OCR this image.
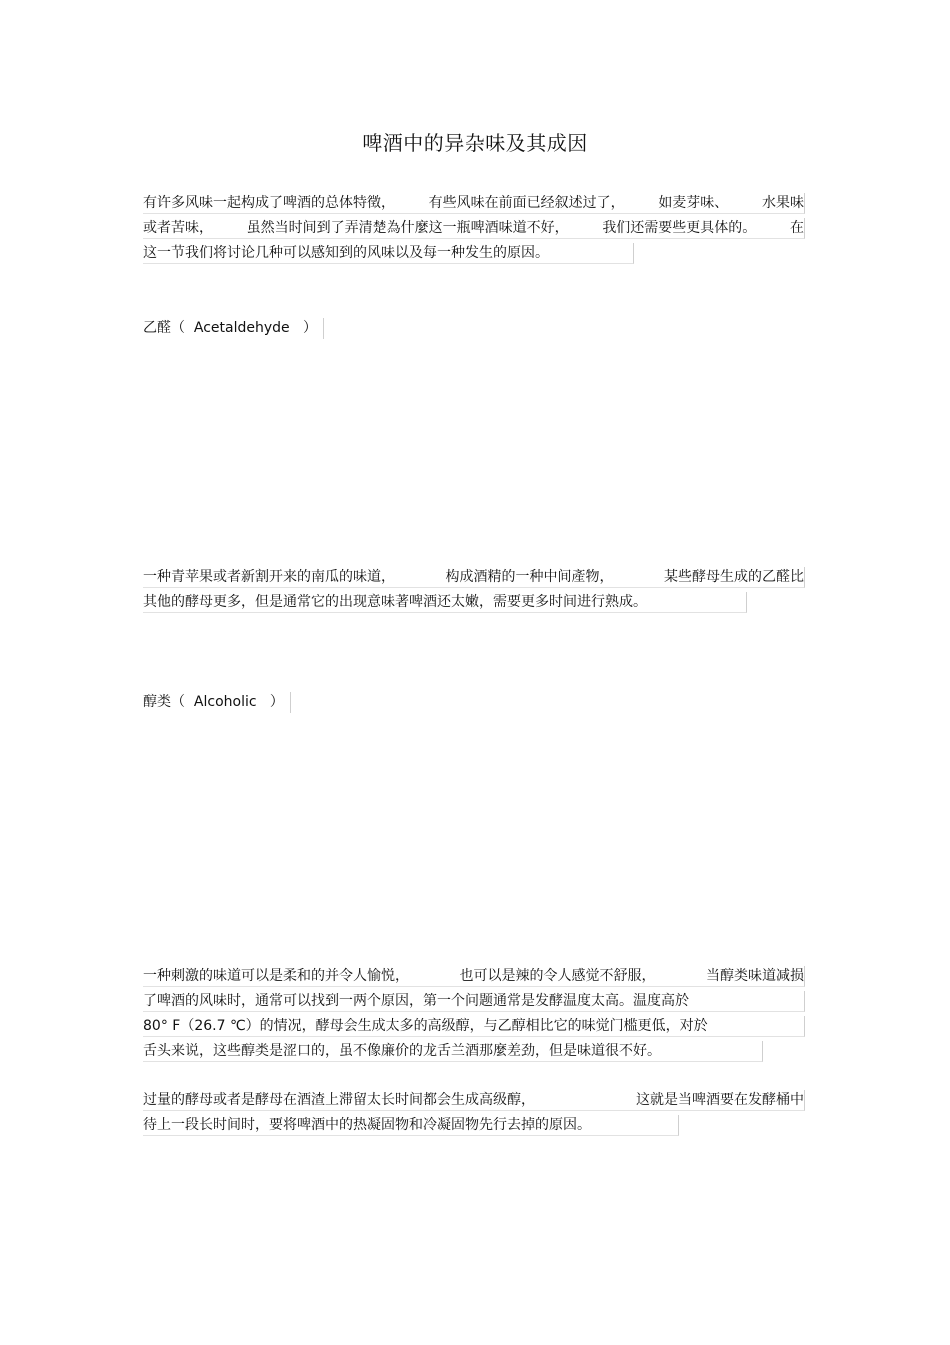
啤酒中的异杂味及其成因
有许多风味一起构成了啤酒的总体特徵， 有些风味在前面已经叙述过了， 如麦芽味、 水果味
或者苦味， 虽然当时间到了弄清楚為什麼这一瓶啤酒味道不好， 我们还需要些更具体的。 在
这一节我们将讨论几种可以感知到的风味以及每一种发生的原因。
乙醛（  Acetaldehyde   ）
一种青苹果或者新割开来的南瓜的味道，	构成酒精的一种中间產物，	某些酵母生成的乙醛比
其他的酵母更多，但是通常它的出现意味著啤酒还太嫩，需要更多时间进行熟成。
醇类（  Alcoholic   ）
一种刺激的味道可以是柔和的并令人愉悦，	也可以是辣的令人感觉不舒服，	当醇类味道减损
了啤酒的风味时，通常可以找到一两个原因，第一个问题通常是发酵温度太高。温度高於
80° F（26.7 ℃）的情况，酵母会生成太多的高级醇，与乙醇相比它的味觉门槛更低，对於
舌头来说，这些醇类是涩口的，虽不像廉价的龙舌兰酒那麼差劲，但是味道很不好。
过量的酵母或者是酵母在酒渣上滞留太长时间都会生成高级醇，	这就是当啤酒要在发酵桶中
待上一段长时间时，要将啤酒中的热凝固物和冷凝固物先行去掉的原因。
